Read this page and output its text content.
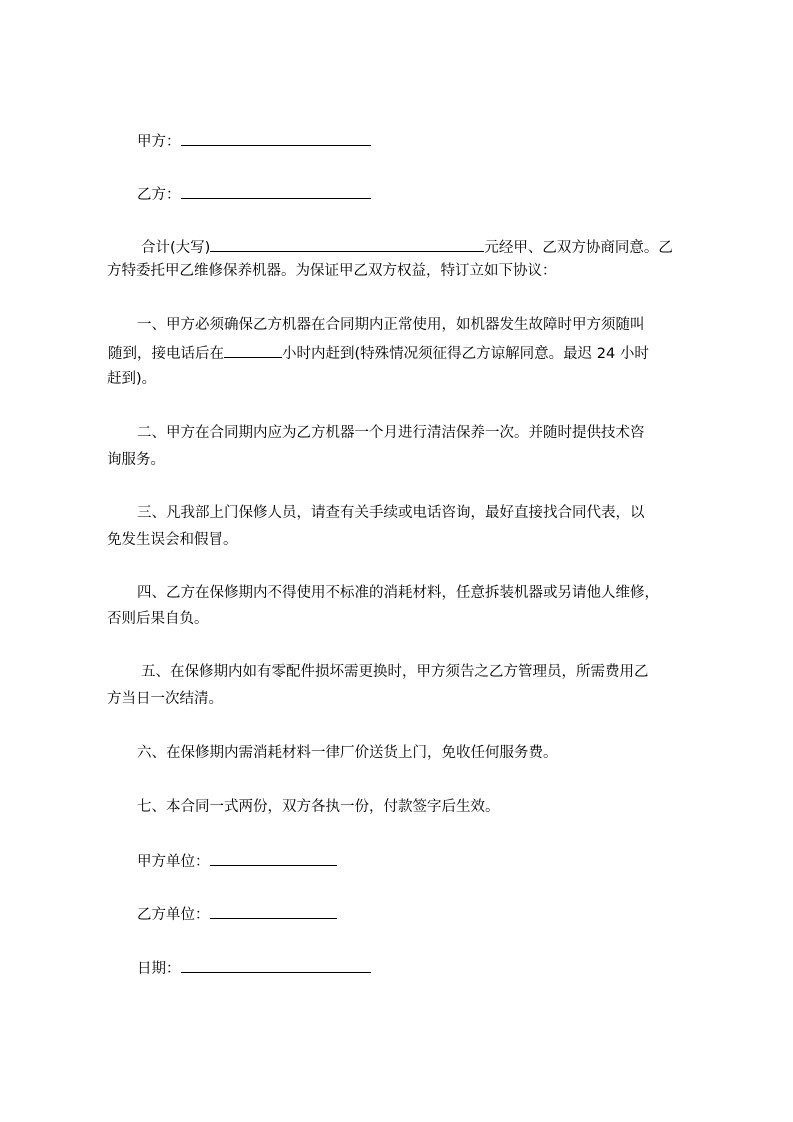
甲方：
乙方：
合计(大写)	元经甲、乙双方协商同意。乙
方特委托甲乙维修保养机器。为保证甲乙双方权益，特订立如下协议：
一、甲方必须确保乙方机器在合同期内正常使用，如机器发生故障时甲方须随叫
随到，接电话后在	小时内赶到(特殊情况须征得乙方谅解同意。最迟 24 小时
赶到)。
二、甲方在合同期内应为乙方机器一个月进行清洁保养一次。并随时提供技术咨
询服务。
三、凡我部上门保修人员，请查有关手续或电话咨询，最好直接找合同代表，以
免发生误会和假冒。
四、乙方在保修期内不得使用不标准的消耗材料，任意拆装机器或另请他人维修，
否则后果自负。
五、在保修期内如有零配件损坏需更换时，甲方须告之乙方管理员，所需费用乙
方当日一次结清。
六、在保修期内需消耗材料一律厂价送货上门，免收任何服务费。
七、本合同一式两份，双方各执一份，付款签字后生效。
甲方单位：
乙方单位：
日期：
